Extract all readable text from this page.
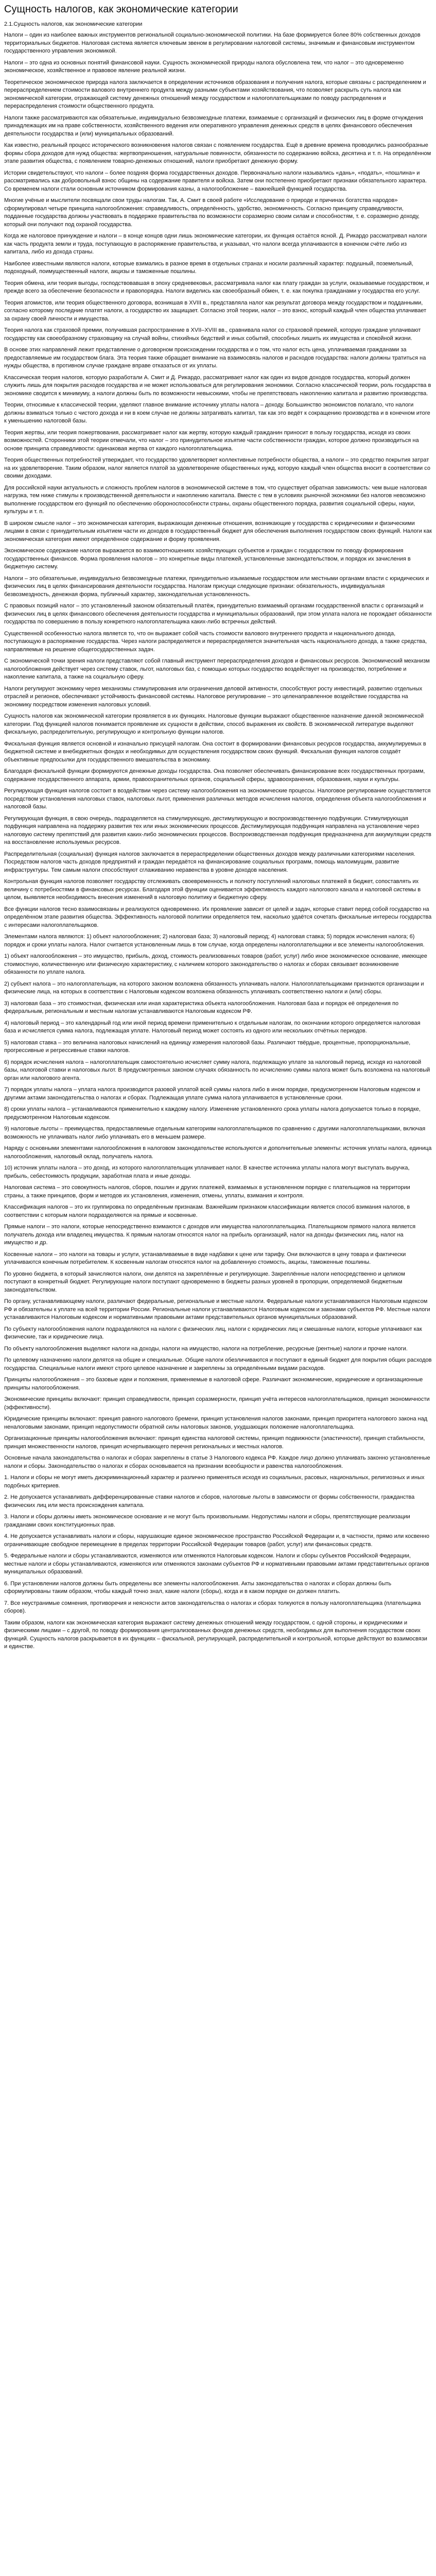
Сущность налогов, как экономические категории
2.1.Сущность налогов, как экономические категории

Налоги – один из наиболее важных инструментов региональной социально-экономической политики. На базе формируется более 80% собственных доходов территориальных бюджетов. Налоговая система является ключевым звеном в регулировании налоговой системы, значимым и финансовым инструментом государственного управления экономикой.

Налоги – это одна из основных понятий финансовой науки. Сущность экономической природы налога обусловлена тем, что налог – это одновременно экономическое, хозяйственное и правовое явление реальной жизни.

Теоретическое экономическое природа налога заключается в определении источников образования и получения налога, которые связаны с распределением и перераспределением стоимости валового внутреннего продукта между разными субъектами хозяйствования, что позволяет раскрыть суть налога как экономической категории, отражающей систему денежных отношений между государством и налогоплательщиками по поводу распределения и перераспределения стоимости общественного продукта.

Налоги также рассматриваются как обязательные, индивидуально безвозмездные платежи, взимаемые с организаций и физических лиц в форме отчуждения принадлежащих им на праве собственности, хозяйственного ведения или оперативного управления денежных средств в целях финансового обеспечения деятельности государства и (или) муниципальных образований.

Как известно, реальный процесс исторического возникновения налогов связан с появлением государства. Ещё в древние времена проводились разнообразные формы сбора доходов для нужд общества: жертвоприношения, натуральные повинности, обязанности по содержанию войска, десятина и т. п. На определённом этапе развития общества, с появлением товарно-денежных отношений, налоги приобретают денежную форму.

Истории свидетельствуют, что налоги – более поздняя форма государственных доходов. Первоначально налоги назывались «дань», «подать», «пошлина» и рассматривались как добровольный взнос общины на содержание правителя и войска. Затем они постепенно приобретают признаки обязательного характера. Со временем налоги стали основным источником формирования казны, а налогообложение – важнейшей функцией государства.

Многие учёные и мыслители посвящали свои труды налогам. Так, А. Смит в своей работе «Исследование о природе и причинах богатства народов» сформулировал четыре принципа налогообложения: справедливость, определённость, удобство, экономичность. Согласно принципу справедливости, подданные государства должны участвовать в поддержке правительства по возможности соразмерно своим силам и способностям, т. е. соразмерно доходу, который они получают под охраной государства.

Когда же налоговое принуждение и налоги – в конце концов одни лишь экономические категории, их функция остаётся ясной. Д. Рикардо рассматривал налоги как часть продукта земли и труда, поступающую в распоряжение правительства, и указывал, что налоги всегда уплачиваются в конечном счёте либо из капитала, либо из дохода страны.

Наиболее известными являются налоги, которые взимались в разное время в отдельных странах и носили различный характер: подушный, поземельный, подоходный, поимущественный налоги, акцизы и таможенные пошлины.

Теория обмена, или теория выгоды, господствовавшая в эпоху средневековья, рассматривала налог как плату граждан за услуги, оказываемые государством, и прежде всего за обеспечение безопасности и правопорядка. Налоги виделись как своеобразный обмен, т. е. как покупка гражданами у государства его услуг.

Теория атомистов, или теория общественного договора, возникшая в XVIII в., представляла налог как результат договора между государством и подданными, согласно которому последние платят налоги, а государство их защищает. Согласно этой теории, налог – это взнос, который каждый член общества уплачивает за охрану своей личности и имущества.

Теория налога как страховой премии, получившая распространение в XVII–XVIII вв., сравнивала налог со страховой премией, которую граждане уплачивают государству как своеобразному страховщику на случай войны, стихийных бедствий и иных событий, способных лишить их имущества и спокойной жизни.

В основе этих направлений лежит представление о договорном происхождении государства и о том, что налог есть цена, уплачиваемая гражданами за предоставляемые им государством блага. Эта теория также обращает внимание на взаимосвязь налогов и расходов государства: налоги должны тратиться на нужды общества, в противном случае граждане вправе отказаться от их уплаты.

Классическая теория налогов, которую разработали А. Смит и Д. Рикардо, рассматривает налог как один из видов доходов государства, который должен служить лишь для покрытия расходов государства и не может использоваться для регулирования экономики. Согласно классической теории, роль государства в экономике сводится к минимуму, а налоги должны быть по возможности невысокими, чтобы не препятствовать накоплению капитала и развитию производства.

Теории, относимые к классической теории, уделяют главное внимание источнику уплаты налога – доходу. Большинство экономистов полагало, что налоги должны взиматься только с чистого дохода и ни в коем случае не должны затрагивать капитал, так как это ведёт к сокращению производства и в конечном итоге к уменьшению налоговой базы.

Теория жертвы, или теория пожертвования, рассматривает налог как жертву, которую каждый гражданин приносит в пользу государства, исходя из своих возможностей. Сторонники этой теории отмечали, что налог – это принудительное изъятие части собственности граждан, которое должно производиться на основе принципа справедливости: одинаковая жертва от каждого налогоплательщика.

Теория общественных потребностей утверждает, что государство удовлетворяет коллективные потребности общества, а налоги – это средство покрытия затрат на их удовлетворение. Таким образом, налог является платой за удовлетворение общественных нужд, которую каждый член общества вносит в соответствии со своими доходами.

Для российской науки актуальность и сложность проблем налогов в экономической системе в том, что существует обратная зависимость: чем выше налоговая нагрузка, тем ниже стимулы к производственной деятельности и накоплению капитала. Вместе с тем в условиях рыночной экономики без налогов невозможно выполнение государством его функций по обеспечению обороноспособности страны, охраны общественного порядка, развития социальной сферы, науки, культуры и т. п.

В широком смысле налог – это экономическая категория, выражающая денежные отношения, возникающие у государства с юридическими и физическими лицами в связи с принудительным изъятием части их доходов в государственный бюджет для обеспечения выполнения государством своих функций. Налоги как экономическая категория имеют определённое содержание и форму проявления.

Экономическое содержание налогов выражается во взаимоотношениях хозяйствующих субъектов и граждан с государством по поводу формирования государственных финансов. Форма проявления налогов – это конкретные виды платежей, установленные законодательством, и порядок их зачисления в бюджетную систему.

Налоги – это обязательные, индивидуально безвозмездные платежи, принудительно изымаемые государством или местными органами власти с юридических и физических лиц в целях финансирования деятельности государства. Налогам присущи следующие признаки: обязательность, индивидуальная безвозмездность, денежная форма, публичный характер, законодательная установленность.

С правовых позиций налог – это установленный законом обязательный платёж, принудительно взимаемый органами государственной власти с организаций и физических лиц в целях финансового обеспечения деятельности государства и муниципальных образований, при этом уплата налога не порождает обязанности государства по совершению в пользу конкретного налогоплательщика каких-либо встречных действий.

Существенной особенностью налога является то, что он выражает собой часть стоимости валового внутреннего продукта и национального дохода, поступающую в распоряжение государства. Через налоги распределяется и перераспределяется значительная часть национального дохода, а также средства, направляемые на решение общегосударственных задач.

С экономической точки зрения налоги представляют собой главный инструмент перераспределения доходов и финансовых ресурсов. Экономический механизм налогообложения действует через систему ставок, льгот, налоговых баз, с помощью которых государство воздействует на производство, потребление и накопление капитала, а также на социальную сферу.

Налоги регулируют экономику через механизмы стимулирования или ограничения деловой активности, способствуют росту инвестиций, развитию отдельных отраслей и регионов, обеспечивают устойчивость финансовой системы. Налоговое регулирование – это целенаправленное воздействие государства на экономику посредством изменения налоговых условий.

Сущность налогов как экономической категории проявляется в их функциях. Налоговые функции выражают общественное назначение данной экономической категории. Под функцией налогов понимается проявление их сущности в действии, способ выражения их свойств. В экономической литературе выделяют фискальную, распределительную, регулирующую и контрольную функции налогов.

Фискальная функция является основной и изначально присущей налогам. Она состоит в формировании финансовых ресурсов государства, аккумулируемых в бюджетной системе и внебюджетных фондах и необходимых для осуществления государством своих функций. Фискальная функция налогов создаёт объективные предпосылки для государственного вмешательства в экономику.

Благодаря фискальной функции формируются денежные доходы государства. Она позволяет обеспечивать финансирование всех государственных программ, содержание государственного аппарата, армии, правоохранительных органов, социальной сферы, здравоохранения, образования, науки и культуры.

Регулирующая функция налогов состоит в воздействии через систему налогообложения на экономические процессы. Налоговое регулирование осуществляется посредством установления налоговых ставок, налоговых льгот, применения различных методов исчисления налогов, определения объекта налогообложения и налоговой базы.

Регулирующая функция, в свою очередь, подразделяется на стимулирующую, дестимулирующую и воспроизводственную подфункции. Стимулирующая подфункция направлена на поддержку развития тех или иных экономических процессов. Дестимулирующая подфункция направлена на установление через налоговую систему препятствий для развития каких-либо экономических процессов. Воспроизводственная подфункция предназначена для аккумуляции средств на восстановление используемых ресурсов.

Распределительная (социальная) функция налогов заключается в перераспределении общественных доходов между различными категориями населения. Посредством налогов часть доходов предприятий и граждан передаётся на финансирование социальных программ, помощь малоимущим, развитие инфраструктуры. Тем самым налоги способствуют сглаживанию неравенства в уровне доходов населения.

Контрольная функция налогов позволяет государству отслеживать своевременность и полноту поступлений налоговых платежей в бюджет, сопоставлять их величину с потребностями в финансовых ресурсах. Благодаря этой функции оценивается эффективность каждого налогового канала и налоговой системы в целом, выявляется необходимость внесения изменений в налоговую политику и бюджетную сферу.

Все функции налогов тесно взаимосвязаны и реализуются одновременно. Их проявление зависит от целей и задач, которые ставит перед собой государство на определённом этапе развития общества. Эффективность налоговой политики определяется тем, насколько удаётся сочетать фискальные интересы государства с интересами налогоплательщиков.

Элементами налога являются: 1) объект налогообложения; 2) налоговая база; 3) налоговый период; 4) налоговая ставка; 5) порядок исчисления налога; 6) порядок и сроки уплаты налога. Налог считается установленным лишь в том случае, когда определены налогоплательщики и все элементы налогообложения.

1) объект налогообложения – это имущество, прибыль, доход, стоимость реализованных товаров (работ, услуг) либо иное экономическое основание, имеющее стоимостную, количественную или физическую характеристику, с наличием которого законодательство о налогах и сборах связывает возникновение обязанности по уплате налога.

2) субъект налога – это налогоплательщик, на которого законом возложена обязанность уплачивать налоги. Налогоплательщиками признаются организации и физические лица, на которых в соответствии с Налоговым кодексом возложена обязанность уплачивать соответственно налоги и (или) сборы.

3) налоговая база – это стоимостная, физическая или иная характеристика объекта налогообложения. Налоговая база и порядок её определения по федеральным, региональным и местным налогам устанавливаются Налоговым кодексом РФ.

4) налоговый период – это календарный год или иной период времени применительно к отдельным налогам, по окончании которого определяется налоговая база и исчисляется сумма налога, подлежащая уплате. Налоговый период может состоять из одного или нескольких отчётных периодов.

5) налоговая ставка – это величина налоговых начислений на единицу измерения налоговой базы. Различают твёрдые, процентные, пропорциональные, прогрессивные и регрессивные ставки налогов.

6) порядок исчисления налога – налогоплательщик самостоятельно исчисляет сумму налога, подлежащую уплате за налоговый период, исходя из налоговой базы, налоговой ставки и налоговых льгот. В предусмотренных законом случаях обязанность по исчислению суммы налога может быть возложена на налоговый орган или налогового агента.

7) порядок уплаты налога – уплата налога производится разовой уплатой всей суммы налога либо в ином порядке, предусмотренном Налоговым кодексом и другими актами законодательства о налогах и сборах. Подлежащая уплате сумма налога уплачивается в установленные сроки.

8) сроки уплаты налога – устанавливаются применительно к каждому налогу. Изменение установленного срока уплаты налога допускается только в порядке, предусмотренном Налоговым кодексом.

9) налоговые льготы – преимущества, предоставляемые отдельным категориям налогоплательщиков по сравнению с другими налогоплательщиками, включая возможность не уплачивать налог либо уплачивать его в меньшем размере.

Наряду с основными элементами налогообложения в налоговом законодательстве используются и дополнительные элементы: источник уплаты налога, единица налогообложения, налоговый оклад, получатель налога.

10) источник уплаты налога – это доход, из которого налогоплательщик уплачивает налог. В качестве источника уплаты налога могут выступать выручка, прибыль, себестоимость продукции, заработная плата и иные доходы.

Налоговая система – это совокупность налогов, сборов, пошлин и других платежей, взимаемых в установленном порядке с плательщиков на территории страны, а также принципов, форм и методов их установления, изменения, отмены, уплаты, взимания и контроля.

Классификация налогов – это их группировка по определённым признакам. Важнейшим признаком классификации является способ взимания налогов, в соответствии с которым налоги подразделяются на прямые и косвенные.

Прямые налоги – это налоги, которые непосредственно взимаются с доходов или имущества налогоплательщика. Плательщиком прямого налога является получатель дохода или владелец имущества. К прямым налогам относятся налог на прибыль организаций, налог на доходы физических лиц, налог на имущество и др.

Косвенные налоги – это налоги на товары и услуги, устанавливаемые в виде надбавки к цене или тарифу. Они включаются в цену товара и фактически уплачиваются конечным потребителем. К косвенным налогам относятся налог на добавленную стоимость, акцизы, таможенные пошлины.

По уровню бюджета, в который зачисляются налоги, они делятся на закреплённые и регулирующие. Закреплённые налоги непосредственно и целиком поступают в конкретный бюджет. Регулирующие налоги поступают одновременно в бюджеты разных уровней в пропорции, определяемой бюджетным законодательством.

По органу, устанавливающему налоги, различают федеральные, региональные и местные налоги. Федеральные налоги устанавливаются Налоговым кодексом РФ и обязательны к уплате на всей территории России. Региональные налоги устанавливаются Налоговым кодексом и законами субъектов РФ. Местные налоги устанавливаются Налоговым кодексом и нормативными правовыми актами представительных органов муниципальных образований.

По субъекту налогообложения налоги подразделяются на налоги с физических лиц, налоги с юридических лиц и смешанные налоги, которые уплачивают как физические, так и юридические лица.

По объекту налогообложения выделяют налоги на доходы, налоги на имущество, налоги на потребление, ресурсные (рентные) налоги и прочие налоги.

По целевому назначению налоги делятся на общие и специальные. Общие налоги обезличиваются и поступают в единый бюджет для покрытия общих расходов государства. Специальные налоги имеют строго целевое назначение и закреплены за определёнными видами расходов.

Принципы налогообложения – это базовые идеи и положения, применяемые в налоговой сфере. Различают экономические, юридические и организационные принципы налогообложения.

Экономические принципы включают: принцип справедливости, принцип соразмерности, принцип учёта интересов налогоплательщиков, принцип экономичности (эффективности).

Юридические принципы включают: принцип равного налогового бремени, принцип установления налогов законами, принцип приоритета налогового закона над неналоговыми законами, принцип недопустимости обратной силы налоговых законов, ухудшающих положение налогоплательщика.

Организационные принципы налогообложения включают: принцип единства налоговой системы, принцип подвижности (эластичности), принцип стабильности, принцип множественности налогов, принцип исчерпывающего перечня региональных и местных налогов.

Основные начала законодательства о налогах и сборах закреплены в статье 3 Налогового кодекса РФ. Каждое лицо должно уплачивать законно установленные налоги и сборы. Законодательство о налогах и сборах основывается на признании всеобщности и равенства налогообложения.

1. Налоги и сборы не могут иметь дискриминационный характер и различно применяться исходя из социальных, расовых, национальных, религиозных и иных подобных критериев.

2. Не допускается устанавливать дифференцированные ставки налогов и сборов, налоговые льготы в зависимости от формы собственности, гражданства физических лиц или места происхождения капитала.

3. Налоги и сборы должны иметь экономическое основание и не могут быть произвольными. Недопустимы налоги и сборы, препятствующие реализации гражданами своих конституционных прав.

4. Не допускается устанавливать налоги и сборы, нарушающие единое экономическое пространство Российской Федерации и, в частности, прямо или косвенно ограничивающие свободное перемещение в пределах территории Российской Федерации товаров (работ, услуг) или финансовых средств.

5. Федеральные налоги и сборы устанавливаются, изменяются или отменяются Налоговым кодексом. Налоги и сборы субъектов Российской Федерации, местные налоги и сборы устанавливаются, изменяются или отменяются законами субъектов РФ и нормативными правовыми актами представительных органов муниципальных образований.

6. При установлении налогов должны быть определены все элементы налогообложения. Акты законодательства о налогах и сборах должны быть сформулированы таким образом, чтобы каждый точно знал, какие налоги (сборы), когда и в каком порядке он должен платить.

7. Все неустранимые сомнения, противоречия и неясности актов законодательства о налогах и сборах толкуются в пользу налогоплательщика (плательщика сборов).

Таким образом, налоги как экономическая категория выражают систему денежных отношений между государством, с одной стороны, и юридическими и физическими лицами – с другой, по поводу формирования централизованных фондов денежных средств, необходимых для выполнения государством своих функций. Сущность налогов раскрывается в их функциях – фискальной, регулирующей, распределительной и контрольной, которые действуют во взаимосвязи и единстве.
